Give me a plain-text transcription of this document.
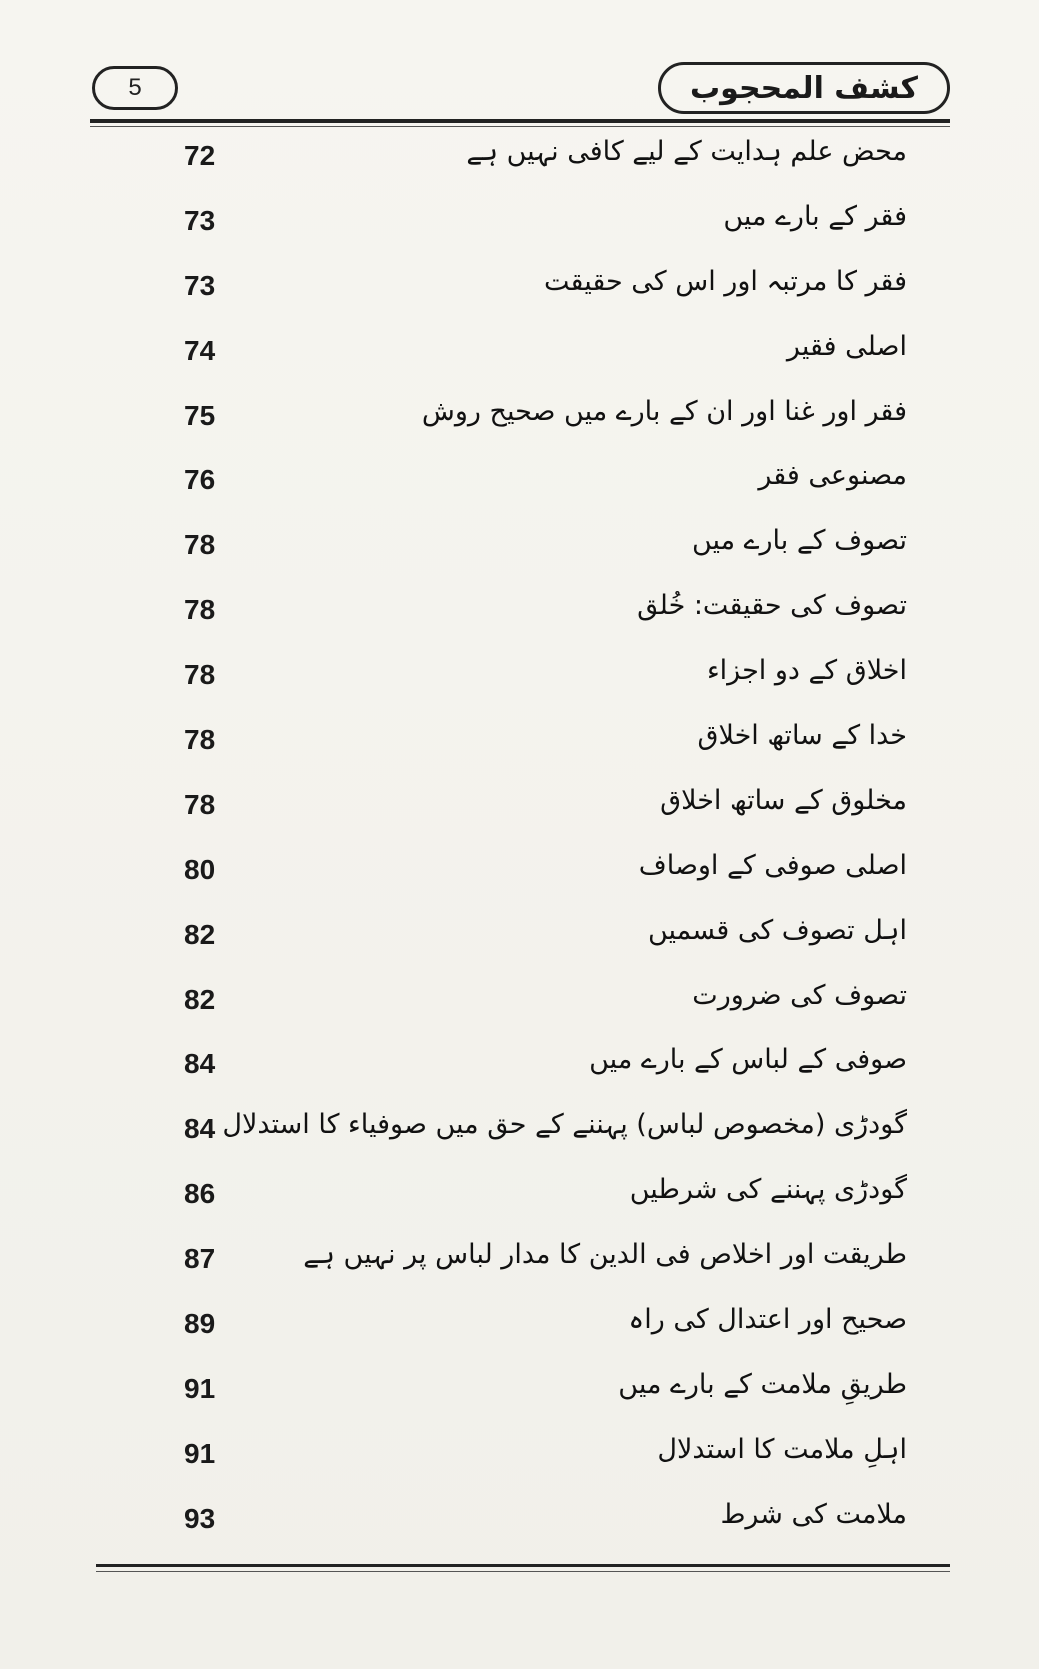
5	کشف المحجوب
محض علم ہدایت کے لیے کافی نہیں ہے
72
فقر کے بارے میں
73
فقر کا مرتبہ اور اس کی حقیقت
73
اصلی فقیر
74
فقر اور غنا اور ان کے بارے میں صحیح روش
75
مصنوعی فقر
76
تصوف کے بارے میں
78
تصوف کی حقیقت: خُلق
78
اخلاق کے دو اجزاء
78
خدا کے ساتھ اخلاق
78
مخلوق کے ساتھ اخلاق
78
اصلی صوفی کے اوصاف
80
اہل تصوف کی قسمیں
82
تصوف کی ضرورت
82
صوفی کے لباس کے بارے میں
84
گودڑی (مخصوص لباس) پہننے کے حق میں صوفیاء کا استدلال
84
گودڑی پہننے کی شرطیں
86
طریقت اور اخلاص فی الدین کا مدار لباس پر نہیں ہے
87
صحیح اور اعتدال کی راہ
89
طریقِ ملامت کے بارے میں
91
اہلِ ملامت کا استدلال
91
ملامت کی شرط
93
